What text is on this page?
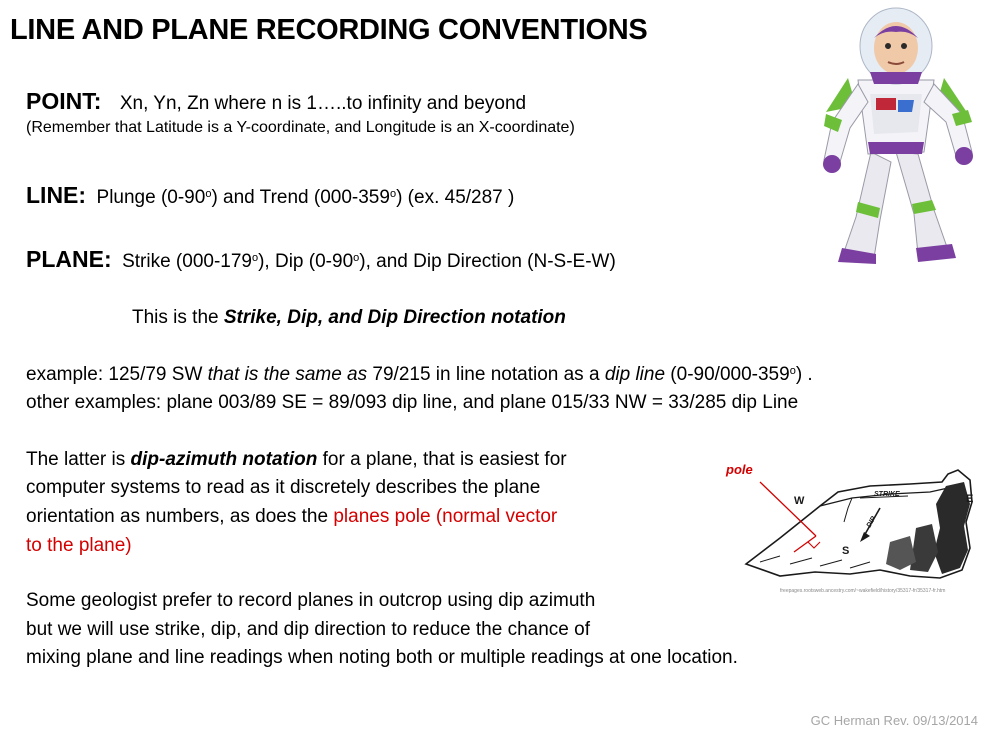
LINE AND PLANE RECORDING CONVENTIONS
POINT: Xn, Yn, Zn where n is 1…..to infinity and beyond
(Remember that Latitude is a Y-coordinate, and Longitude is an X-coordinate)
LINE: Plunge (0-90$^o$) and Trend (000-359$^o$) (ex. 45/287 )
PLANE: Strike (000-179$^o$), Dip (0-90$^o$), and Dip Direction (N-S-E-W)
This is the Strike, Dip, and Dip Direction notation
example: 125/79 SW that is the same as 79/215 in line notation as a dip line (0-90/000-359$^o$) .
other examples: plane 003/89 SE = 89/093 dip line, and plane 015/33 NW = 33/285 dip Line
The latter is dip-azimuth notation for a plane, that is easiest for
computer systems to read as it discretely describes the plane
orientation as numbers, as does the planes pole (normal vector
to the plane)
Some geologist prefer to record planes in outcrop using dip azimuth
but we will use strike, dip, and dip direction to reduce the chance of
mixing plane and line readings when noting both or multiple readings at one location.
pole
W	E
S
STRIKE
DIP
freepages.rootsweb.ancestry.com/~wakefield/history/35317-fr/35317-fr.htm
GC Herman Rev. 09/13/2014
